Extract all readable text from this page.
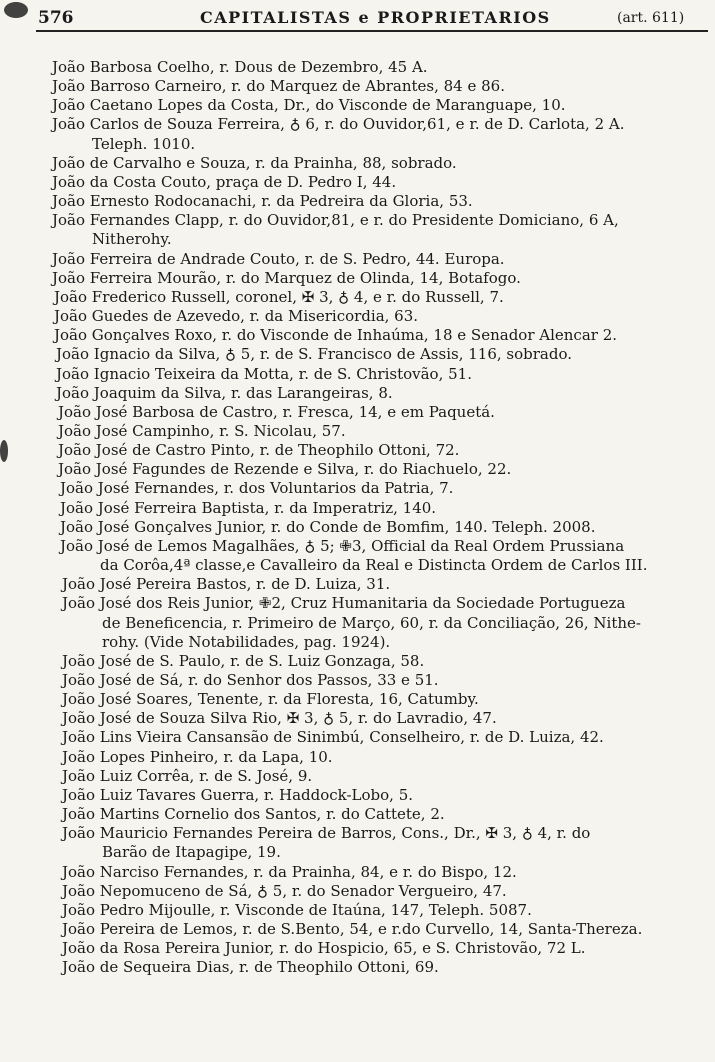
576	CAPITALISTAS e PROPRIETARIOS	(art. 611)
João Barbosa Coelho, r. Dous de Dezembro, 45 A.
João Barroso Carneiro, r. do Marquez de Abrantes, 84 e 86.
João Caetano Lopes da Costa, Dr., do Visconde de Maranguape, 10.
João Carlos de Souza Ferreira, ♁ 6, r. do Ouvidor,61, e r. de D. Carlota, 2 A.
Teleph. 1010.
João de Carvalho e Souza, r. da Prainha, 88, sobrado.
João da Costa Couto, praça de D. Pedro I, 44.
João Ernesto Rodocanachi, r. da Pedreira da Gloria, 53.
João Fernandes Clapp, r. do Ouvidor,81, e r. do Presidente Domiciano, 6 A,
Nitherohy.
João Ferreira de Andrade Couto, r. de S. Pedro, 44. Europa.
João Ferreira Mourão, r. do Marquez de Olinda, 14, Botafogo.
João Frederico Russell, coronel, ✠ 3, ♁ 4, e r. do Russell, 7.
João Guedes de Azevedo, r. da Misericordia, 63.
João Gonçalves Roxo, r. do Visconde de Inhaúma, 18 e Senador Alencar 2.
João Ignacio da Silva, ♁ 5, r. de S. Francisco de Assis, 116, sobrado.
João Ignacio Teixeira da Motta, r. de S. Christovão, 51.
João Joaquim da Silva, r. das Larangeiras, 8.
João José Barbosa de Castro, r. Fresca, 14, e em Paquetá.
João José Campinho, r. S. Nicolau, 57.
João José de Castro Pinto, r. de Theophilo Ottoni, 72.
João José Fagundes de Rezende e Silva, r. do Riachuelo, 22.
João José Fernandes, r. dos Voluntarios da Patria, 7.
João José Ferreira Baptista, r. da Imperatriz, 140.
João José Gonçalves Junior, r. do Conde de Bomfim, 140. Teleph. 2008.
João José de Lemos Magalhães, ♁ 5; ✙3, Official da Real Ordem Prussiana
da Corôa,4ª classe,e Cavalleiro da Real e Distincta Ordem de Carlos III.
João José Pereira Bastos, r. de D. Luiza, 31.
João José dos Reis Junior, ✙2, Cruz Humanitaria da Sociedade Portugueza
de Beneficencia, r. Primeiro de Março, 60, r. da Conciliação, 26, Nithe-
rohy. (Vide Notabilidades, pag. 1924).
João José de S. Paulo, r. de S. Luiz Gonzaga, 58.
João José de Sá, r. do Senhor dos Passos, 33 e 51.
João José Soares, Tenente, r. da Floresta, 16, Catumby.
João José de Souza Silva Rio, ✠ 3, ♁ 5, r. do Lavradio, 47.
João Lins Vieira Cansansão de Sinimbú, Conselheiro, r. de D. Luiza, 42.
João Lopes Pinheiro, r. da Lapa, 10.
João Luiz Corrêa, r. de S. José, 9.
João Luiz Tavares Guerra, r. Haddock-Lobo, 5.
João Martins Cornelio dos Santos, r. do Cattete, 2.
João Mauricio Fernandes Pereira de Barros, Cons., Dr., ✠ 3, ♁ 4, r. do
Barão de Itapagipe, 19.
João Narciso Fernandes, r. da Prainha, 84, e r. do Bispo, 12.
João Nepomuceno de Sá, ♁ 5, r. do Senador Vergueiro, 47.
João Pedro Mijoulle, r. Visconde de Itaúna, 147, Teleph. 5087.
João Pereira de Lemos, r. de S.Bento, 54, e r.do Curvello, 14, Santa-Thereza.
João da Rosa Pereira Junior, r. do Hospicio, 65, e S. Christovão, 72 L.
João de Sequeira Dias, r. de Theophilo Ottoni, 69.
